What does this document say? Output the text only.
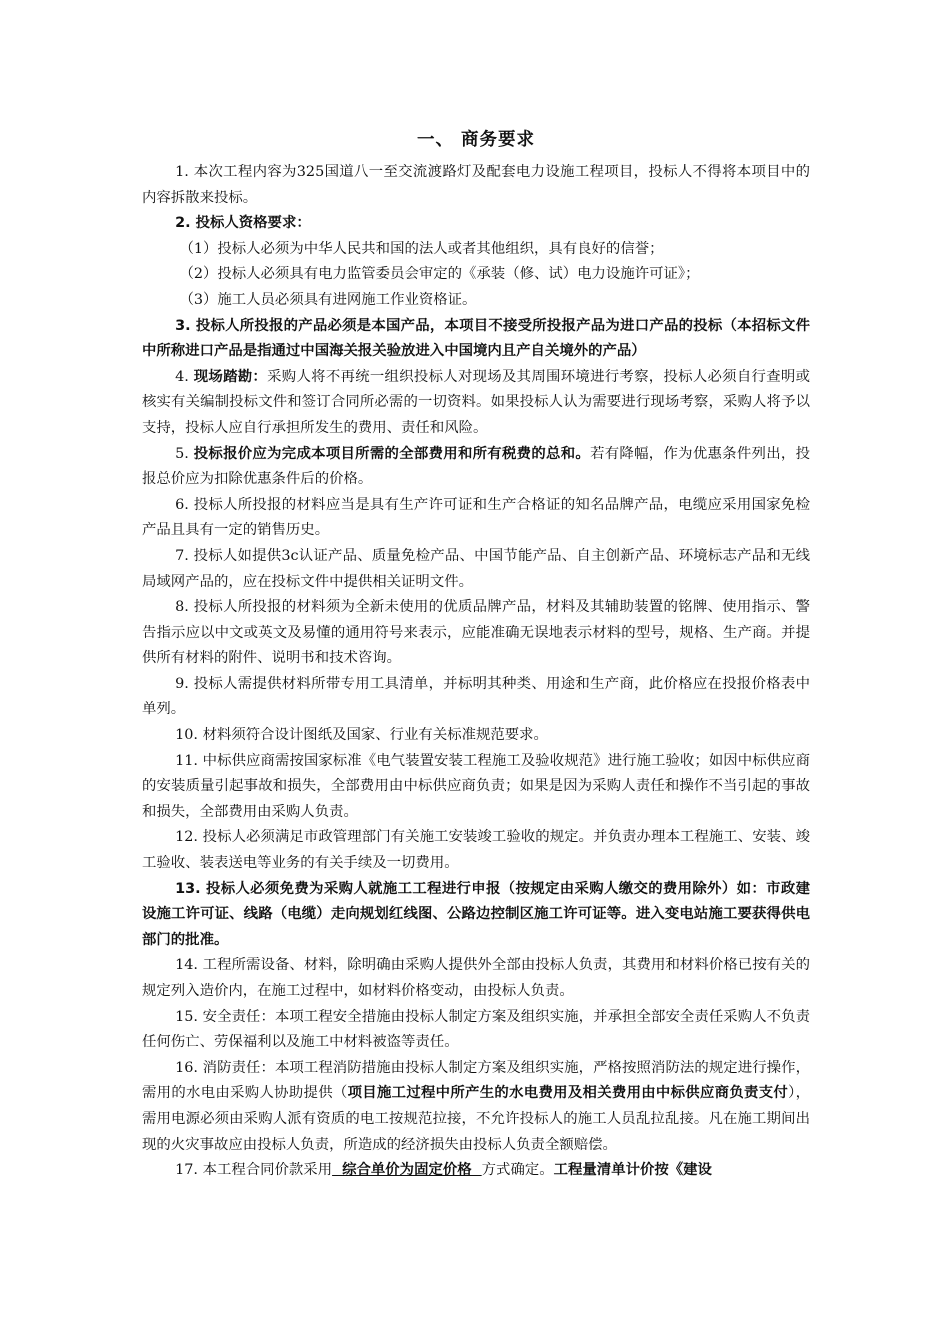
一、 商务要求

1. 本次工程内容为325国道八一至交流渡路灯及配套电力设施工程项目，投标人不得将本项目中的内容拆散来投标。

2. 投标人资格要求：

（1）投标人必须为中华人民共和国的法人或者其他组织，具有良好的信誉；

（2）投标人必须具有电力监管委员会审定的《承装（修、试）电力设施许可证》；

（3）施工人员必须具有进网施工作业资格证。

3. 投标人所投报的产品必须是本国产品，本项目不接受所投报产品为进口产品的投标（本招标文件中所称进口产品是指通过中国海关报关验放进入中国境内且产自关境外的产品）

4. 现场踏勘：采购人将不再统一组织投标人对现场及其周围环境进行考察，投标人必须自行查明或核实有关编制投标文件和签订合同所必需的一切资料。如果投标人认为需要进行现场考察，采购人将予以支持，投标人应自行承担所发生的费用、责任和风险。

5. 投标报价应为完成本项目所需的全部费用和所有税费的总和。若有降幅，作为优惠条件列出，投报总价应为扣除优惠条件后的价格。

6. 投标人所投报的材料应当是具有生产许可证和生产合格证的知名品牌产品，电缆应采用国家免检产品且具有一定的销售历史。

7. 投标人如提供3c认证产品、质量免检产品、中国节能产品、自主创新产品、环境标志产品和无线局域网产品的，应在投标文件中提供相关证明文件。

8. 投标人所投报的材料须为全新未使用的优质品牌产品，材料及其辅助装置的铭牌、使用指示、警告指示应以中文或英文及易懂的通用符号来表示，应能准确无误地表示材料的型号，规格、生产商。并提供所有材料的附件、说明书和技术咨询。

9. 投标人需提供材料所带专用工具清单，并标明其种类、用途和生产商，此价格应在投报价格表中单列。

10. 材料须符合设计图纸及国家、行业有关标准规范要求。

11. 中标供应商需按国家标准《电气装置安装工程施工及验收规范》进行施工验收；如因中标供应商的安装质量引起事故和损失，全部费用由中标供应商负责；如果是因为采购人责任和操作不当引起的事故和损失，全部费用由采购人负责。

12. 投标人必须满足市政管理部门有关施工安装竣工验收的规定。并负责办理本工程施工、安装、竣工验收、装表送电等业务的有关手续及一切费用。

13. 投标人必须免费为采购人就施工工程进行申报（按规定由采购人缴交的费用除外）如：市政建设施工许可证、线路（电缆）走向规划红线图、公路边控制区施工许可证等。进入变电站施工要获得供电部门的批准。

14. 工程所需设备、材料，除明确由采购人提供外全部由投标人负责，其费用和材料价格已按有关的规定列入造价内，在施工过程中，如材料价格变动，由投标人负责。

15. 安全责任：本项工程安全措施由投标人制定方案及组织实施，并承担全部安全责任采购人不负责任何伤亡、劳保福利以及施工中材料被盗等责任。

16. 消防责任：本项工程消防措施由投标人制定方案及组织实施，严格按照消防法的规定进行操作，需用的水电由采购人协助提供（项目施工过程中所产生的水电费用及相关费用由中标供应商负责支付），需用电源必须由采购人派有资质的电工按规范拉接，不允许投标人的施工人员乱拉乱接。凡在施工期间出现的火灾事故应由投标人负责，所造成的经济损失由投标人负责全额赔偿。

17. 本工程合同价款采用  综合单价为固定价格  方式确定。工程量清单计价按《建设
